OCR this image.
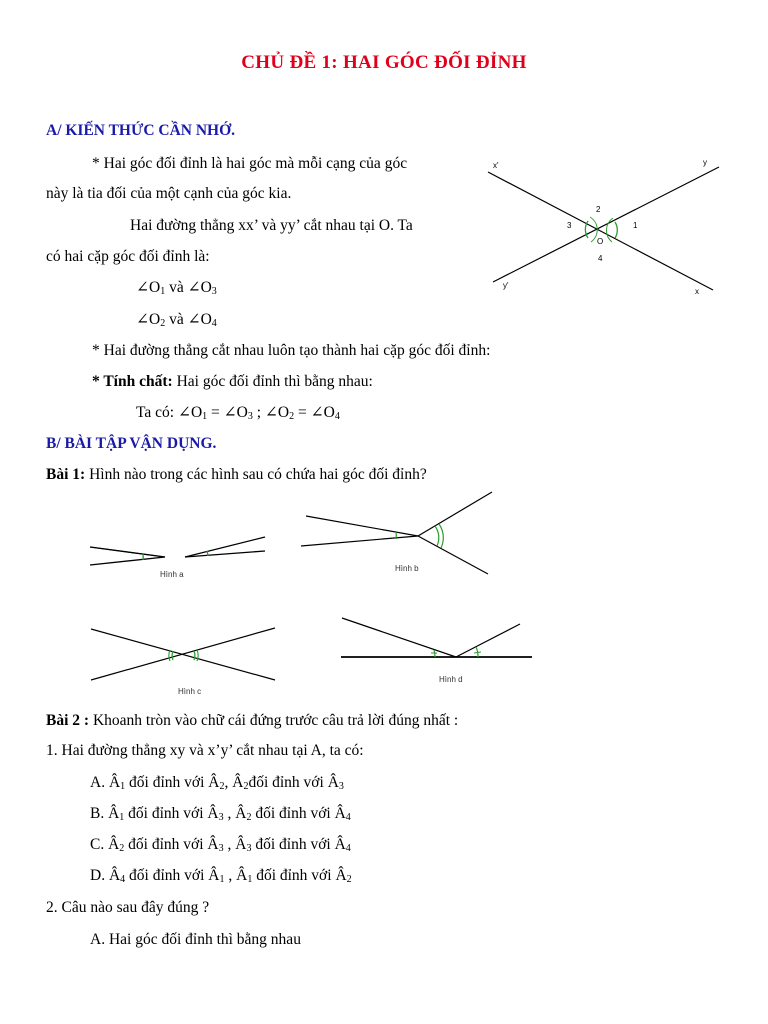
CHỦ ĐỀ 1: HAI GÓC ĐỐI ĐỈNH
A/ KIẾN THỨC CẦN NHỚ.
* Hai góc đối đỉnh là hai góc mà mỗi cạng của góc
này là tia đối của một cạnh của góc kia.
Hai đường thẳng xx’ và yy’ cắt nhau tại O. Ta
có hai cặp góc đối đỉnh là:
$\angle O_1$ và $\angle O_3$
$\angle O_2$ và $\angle O_4$
* Hai đường thẳng cắt nhau luôn tạo thành hai cặp góc đối đỉnh:
* Tính chất: Hai góc đối đỉnh thì bằng nhau:
Ta có: $\angle O_1$ = $\angle O_3$ ; $\angle O_2$ = $\angle O_4$
x'	y
y'
x
O
1
2
3
4
B/ BÀI TẬP VẬN DỤNG.
Bài 1: Hình nào trong các hình sau có chứa hai góc đối đỉnh?
Hình a
Hình b
Hình c
Hình d
Bài 2 : Khoanh tròn vào chữ cái đứng trước câu trả lời đúng nhất :
1. Hai đường thẳng xy và x’y’ cắt nhau tại A, ta có:
A. $Â_1$ đối đỉnh với $Â_2$, $Â_2đối$ đỉnh với $Â_3$
B. $Â_1$ đối đỉnh với $Â_3$ , $Â_2$ đối đỉnh với $Â_4$
C. $Â_2$ đối đỉnh với $Â_3$ , $Â_3$ đối đỉnh với $Â_4$
D. $Â_4$ đối đỉnh với $Â_1$ , $Â_1$ đối đỉnh với $Â_2$
2. Câu nào sau đây đúng ?
A. Hai góc đối đỉnh thì bằng nhau
